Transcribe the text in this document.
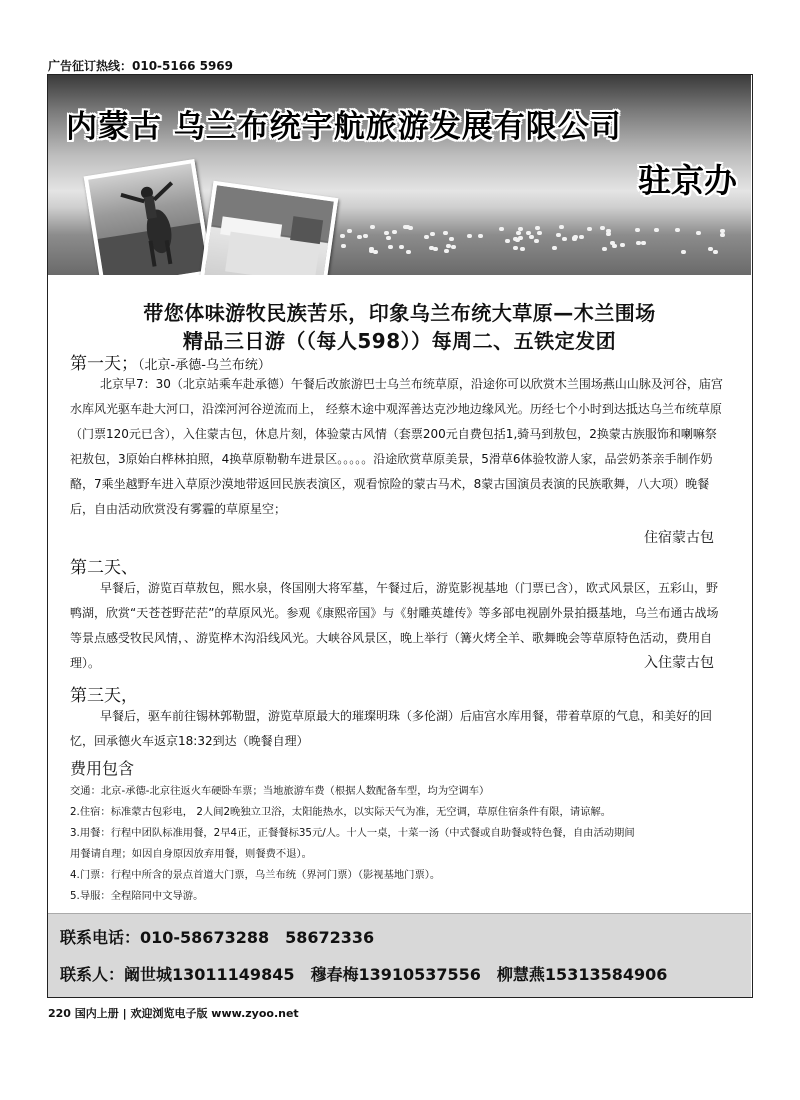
广告征订热线：010-5166 5969
内蒙古 乌兰布统宇航旅游发展有限公司
驻京办
带您体味游牧民族苦乐，印象乌兰布统大草原—木兰围场
精品三日游（（每人598））每周二、五铁定发团
第一天；（北京-承德-乌兰布统）
北京早7：30（北京站乘车赴承德）午餐后改旅游巴士乌兰布统草原，沿途你可以欣赏木兰围场燕山山脉及河谷，庙宫水库风光驱车赴大河口，沿滦河河谷逆流而上， 经蔡木途中观浑善达克沙地边缘风光。历经七个小时到达抵达乌兰布统草原（门票120元已含），入住蒙古包，休息片刻，体验蒙古风情（套票200元自费包括1,骑马到敖包，2换蒙古族服饰和喇嘛祭祀敖包，3原始白桦林拍照，4换草原勒勒车进景区。。。。。沿途欣赏草原美景，5滑草6体验牧游人家，品尝奶茶亲手制作奶酪，7乘坐越野车进入草原沙漠地带返回民族表演区，观看惊险的蒙古马术，8蒙古国演员表演的民族歌舞，八大项）晚餐后，自由活动欣赏没有雾霾的草原星空；
住宿蒙古包
第二天、
早餐后，游览百草敖包，熙水泉，佟国刚大将军墓，午餐过后，游览影视基地（门票已含），欧式风景区，五彩山，野鸭湖，欣赏“天苍苍野茫茫”的草原风光。参观《康熙帝国》与《射雕英雄传》等多部电视剧外景拍摄基地，乌兰布通古战场等景点感受牧民风情，、游览桦木沟沿线风光。大峡谷风景区，晚上举行（篝火烤全羊、歌舞晚会等草原特色活动，费用自理）。	入住蒙古包
第三天，
早餐后，驱车前往锡林郭勒盟，游览草原最大的璀璨明珠（多伦湖）后庙宫水库用餐，带着草原的气息，和美好的回忆，回承德火车返京18:32到达（晚餐自理）
费用包含
交通：北京-承德-北京往返火车硬卧车票；当地旅游车费（根据人数配备车型，均为空调车）
2.住宿：标准蒙古包彩电， 2人间2晚独立卫浴，太阳能热水，以实际天气为准，无空调，草原住宿条件有限，请谅解。
3.用餐：行程中团队标准用餐，2早4正，正餐餐标35元/人。十人一桌，十菜一汤（中式餐或自助餐或特色餐，自由活动期间
用餐请自理；如因自身原因放弃用餐，则餐费不退）。
4.门票：行程中所含的景点首道大门票，乌兰布统（界河门票）（影视基地门票）。
5.导服：全程陪同中文导游。
联系电话：010-58673288　58672336
联系人：阚世城13011149845　穆春梅13910537556　柳慧燕15313584906
220 国内上册 | 欢迎浏览电子版 www.zyoo.net
